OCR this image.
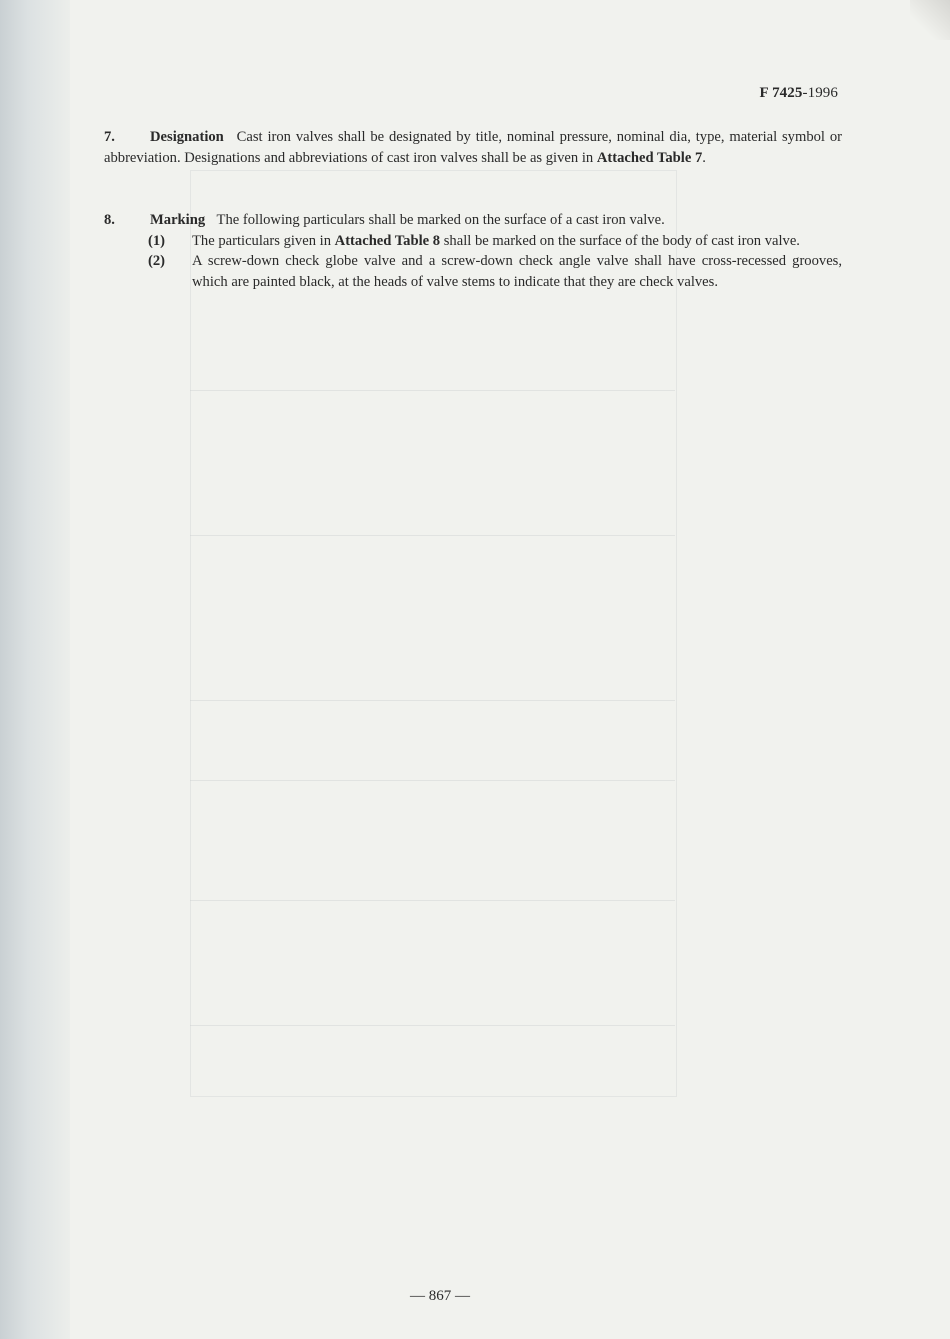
F 7425-1996
7. Designation Cast iron valves shall be designated by title, nominal pressure, nominal dia, type, material symbol or abbreviation. Designations and abbreviations of cast iron valves shall be as given in Attached Table 7.
8. Marking The following particulars shall be marked on the surface of a cast iron valve.
(1) The particulars given in Attached Table 8 shall be marked on the surface of the body of cast iron valve.
(2) A screw-down check globe valve and a screw-down check angle valve shall have cross-recessed grooves, which are painted black, at the heads of valve stems to indicate that they are check valves.
— 867 —
